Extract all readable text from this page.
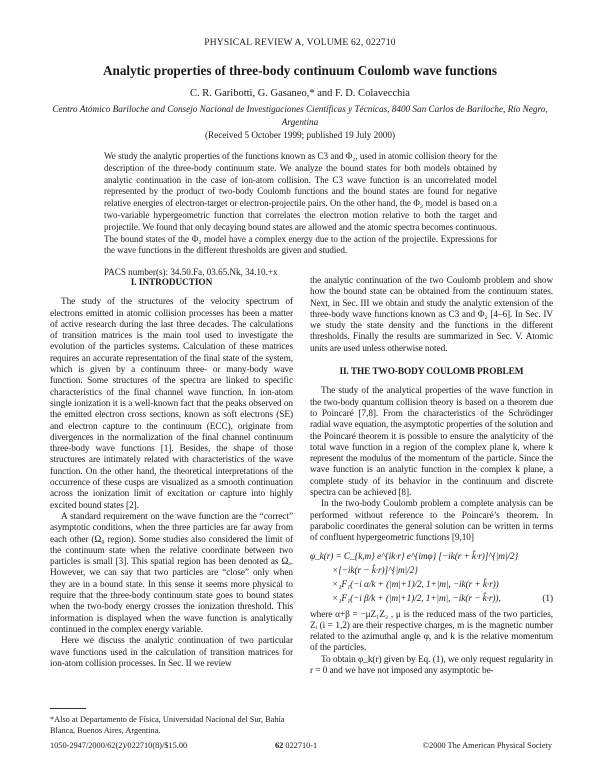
PHYSICAL REVIEW A, VOLUME 62, 022710
Analytic properties of three-body continuum Coulomb wave functions
C. R. Garibotti, G. Gasaneo,* and F. D. Colavecchia
Centro Atómico Bariloche and Consejo Nacional de Investigaciones Científicas y Técnicas, 8400 San Carlos de Bariloche, Río Negro, Argentina
(Received 5 October 1999; published 19 July 2000)
We study the analytic properties of the functions known as C3 and Φ₂, used in atomic collision theory for the description of the three-body continuum state. We analyze the bound states for both models obtained by analytic continuation in the case of ion-atom collision. The C3 wave function is an uncorrelated model represented by the product of two-body Coulomb functions and the bound states are found for negative relative energies of electron-target or electron-projectile pairs. On the other hand, the Φ₂ model is based on a two-variable hypergeometric function that correlates the electron motion relative to both the target and projectile. We found that only decaying bound states are allowed and the atomic spectra becomes continuous. The bound states of the Φ₂ model have a complex energy due to the action of the projectile. Expressions for the wave functions in the different thresholds are given and studied.
PACS number(s): 34.50.Fa, 03.65.Nk, 34.10.+x
I. INTRODUCTION

The study of the structures of the velocity spectrum of electrons emitted in atomic collision processes has been a matter of active research during the last three decades. The calculations of transition matrices is the main tool used to investigate the evolution of the particles systems. Calculation of these matrices requires an accurate representation of the final state of the system, which is given by a continuum three- or many-body wave function. Some structures of the spectra are linked to specific characteristics of the final channel wave function. In ion-atom single ionization it is a well-known fact that the peaks observed on the emitted electron cross sections, known as soft electrons (SE) and electron capture to the continuum (ECC), originate from divergences in the normalization of the final channel continuum three-body wave functions [1]. Besides, the shape of those structures are intimately related with characteristics of the wave function. On the other hand, the theoretical interpretations of the occurrence of these cusps are visualized as a smooth continuation across the ionization limit of excitation or capture into highly excited bound states [2].

A standard requirement on the wave function are the “correct” asymptotic conditions, when the three particles are far away from each other (Ω₀ region). Some studies also considered the limit of the continuum state when the relative coordinate between two particles is small [3]. This spatial region has been denoted as Ωₐ. However, we can say that two particles are “close” only when they are in a bound state. In this sense it seems more physical to require that the three-body continuum state goes to bound states when the two-body energy crosses the ionization threshold. This information is displayed when the wave function is analytically continued in the complex energy variable.

Here we discuss the analytic continuation of two particular wave functions used in the calculation of transition matrices for ion-atom collision processes. In Sec. II we review

*Also at Departamento de Física, Universidad Nacional del Sur, Bahía Blanca, Buenos Aires, Argentina.

the analytic continuation of the two Coulomb problem and show how the bound state can be obtained from the continuum states. Next, in Sec. III we obtain and study the analytic extension of the three-body wave functions known as C3 and Φ₂ [4–6]. In Sec. IV we study the state density and the functions in the different thresholds. Finally the results are summarized in Sec. V. Atomic units are used unless otherwise noted.

II. THE TWO-BODY COULOMB PROBLEM

The study of the analytical properties of the wave function in the two-body quantum collision theory is based on a theorem due to Poincaré [7,8]. From the characteristics of the Schrödinger radial wave equation, the asymptotic properties of the solution and the Poincaré theorem it is possible to ensure the analyticity of the total wave function in a region of the complex plane k, where k represent the modulus of the momentum of the particle. Since the wave function is an analytic function in the complex k plane, a complete study of its behavior in the continuum and discrete spectra can be achieved [8].

In the two-body Coulomb problem a complete analysis can be performed without reference to the Poincaré’s theorem. In parabolic coordinates the general solution can be written in terms of confluent hypergeometric functions [9,10]

φ_k(r) = C_{k,m} e^{ik·r} e^{imφ} [−ik(r + k̂·r)]^{|m|/2}
×[−ik(r − k̂·r)]^{|m|/2}
×₁F₁(−i α/k + (|m|+1)/2, 1+|m|, −ik(r + k̂·r))
×₁F₁(−i β/k + (|m|+1)/2, 1+|m|, −ik(r − k̂·r)),	(1)

where α+β = −μZ₁Z₂ , μ is the reduced mass of the two particles, Zᵢ (i = 1,2) are their respective charges, m is the magnetic number related to the azimuthal angle φ, and k is the relative momentum of the particles.

To obtain φ_k(r) given by Eq. (1), we only request regularity in r = 0 and we have not imposed any asymptotic be-

1050-2947/2000/62(2)/022710(8)/$15.00	62 022710-1	©2000 The American Physical Society
